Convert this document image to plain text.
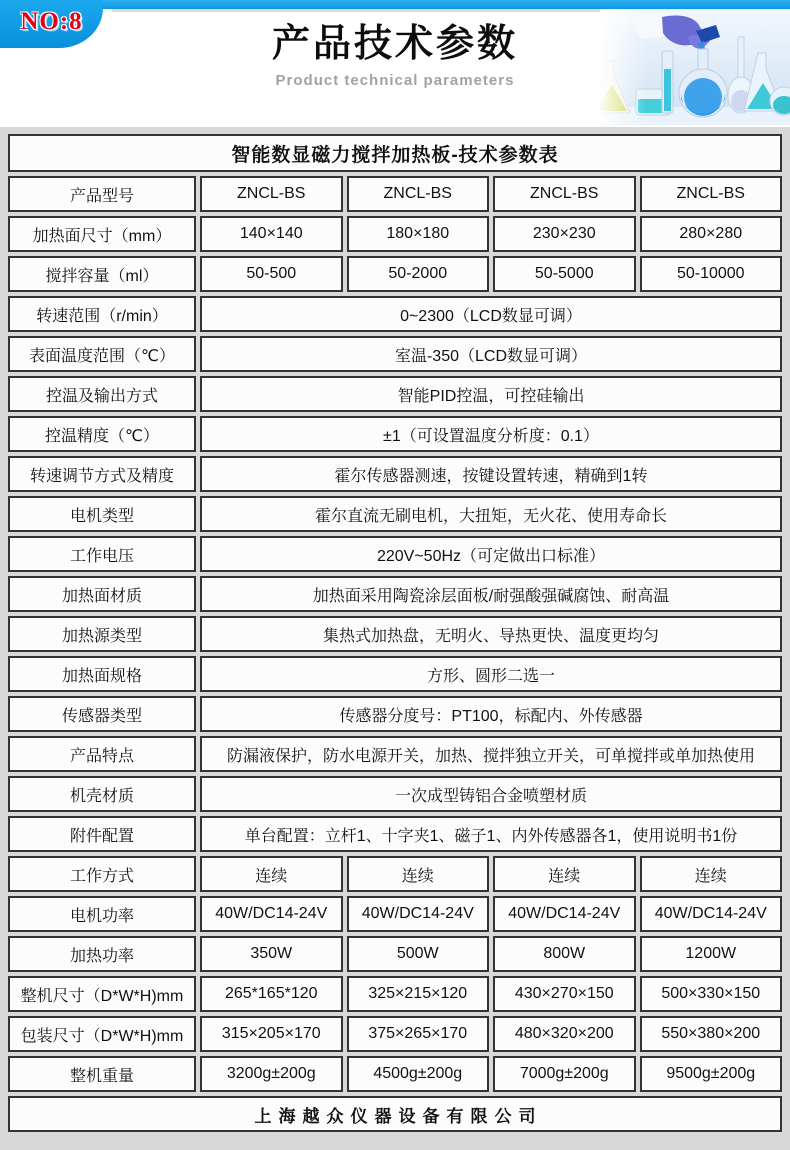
NO:8
产品技术参数
Product technical parameters
智能数显磁力搅拌加热板-技术参数表
产品型号	ZNCL-BS	ZNCL-BS	ZNCL-BS	ZNCL-BS
加热面尺寸（mm）	140×140	180×180	230×230	280×280
搅拌容量（ml）	50-500	50-2000	50-5000	50-10000
转速范围（r/min）	0~2300（LCD数显可调）
表面温度范围（℃）	室温-350（LCD数显可调）
控温及输出方式	智能PID控温，可控硅输出
控温精度（℃）	±1（可设置温度分析度：0.1）
转速调节方式及精度	霍尔传感器测速，按键设置转速，精确到1转
电机类型	霍尔直流无刷电机，大扭矩，无火花、使用寿命长
工作电压	220V~50Hz（可定做出口标准）
加热面材质	加热面采用陶瓷涂层面板/耐强酸强碱腐蚀、耐高温
加热源类型	集热式加热盘，无明火、导热更快、温度更均匀
加热面规格	方形、圆形二选一
传感器类型	传感器分度号：PT100，标配内、外传感器
产品特点	防漏液保护，防水电源开关，加热、搅拌独立开关，可单搅拌或单加热使用
机壳材质	一次成型铸铝合金喷塑材质
附件配置	单台配置：立杆1、十字夹1、磁子1、内外传感器各1，使用说明书1份
工作方式	连续	连续	连续	连续
电机功率	40W/DC14-24V	40W/DC14-24V	40W/DC14-24V	40W/DC14-24V
加热功率	350W	500W	800W	1200W
整机尺寸（D*W*H)mm	265*165*120	325×215×120	430×270×150	500×330×150
包装尺寸（D*W*H)mm	315×205×170	375×265×170	480×320×200	550×380×200
整机重量	3200g±200g	4500g±200g	7000g±200g	9500g±200g
上海越众仪器设备有限公司
